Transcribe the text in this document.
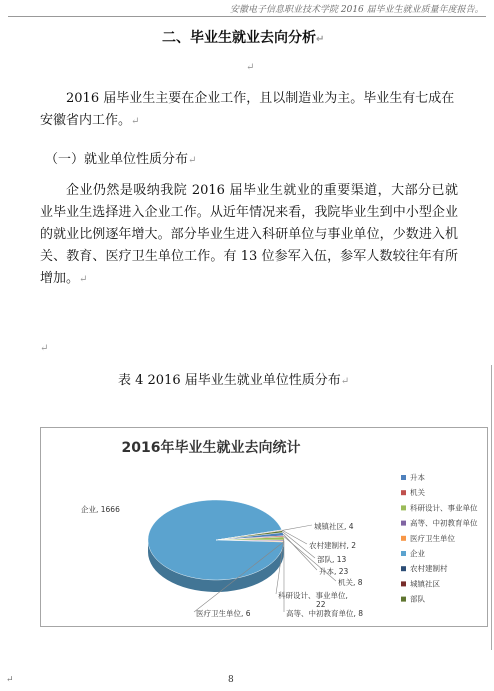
安徽电子信息职业技术学院 2016 届毕业生就业质量年度报告。
二、毕业生就业去向分析↵
↵
2016 届毕业生主要在企业工作，且以制造业为主。毕业生有七成在安徽省内工作。↵
（一）就业单位性质分布↵
企业仍然是吸纳我院 2016 届毕业生就业的重要渠道，大部分已就业毕业生选择进入企业工作。从近年情况来看，我院毕业生到中小型企业的就业比例逐年增大。部分毕业生进入科研单位与事业单位，少数进入机关、教育、医疗卫生单位工作。有 13 位参军入伍，参军人数较往年有所增加。↵
↵
表 4 2016 届毕业生就业单位性质分布↵
2016年毕业生就业去向统计
升本, 23
机关, 8
科研设计、事业单位,
22
高等、中初教育单位, 8
医疗卫生单位, 6
企业, 1666
农村建制村, 2
城镇社区, 4
部队, 13
升本
机关
科研设计、事业单位
高等、中初教育单位
医疗卫生单位
企业
农村建制村
城镇社区
部队
↵	8
